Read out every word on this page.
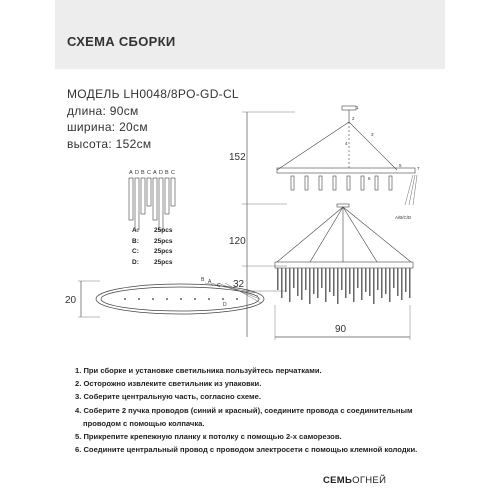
СХЕМА СБОРКИ
МОДЕЛЬ LH0048/8PO-GD-CL
длина: 90см
ширина: 20см
высота: 152см
152
120
32
90
20
1
2
3
4
5
6
7
A/B/C/D
B A
C
D
A D B C A D B C
A: 25pcs
B: 25pcs
C: 25pcs
D: 25pcs
1. При сборке и установке светильника пользуйтесь перчатками.
2. Осторожно извлеките светильник из упаковки.
3. Соберите центральную часть, согласно схеме.
4. Соберите 2 пучка проводов (синий и красный), соедините провода с соединительным
проводом с помощью колпачка.
5. Прикрепите крепежную планку к потолку с помощью 2-х саморезов.
6. Соедините центральный провод с проводом электросети с помощью клемной колодки.
СЕМЬОГНЕЙ
